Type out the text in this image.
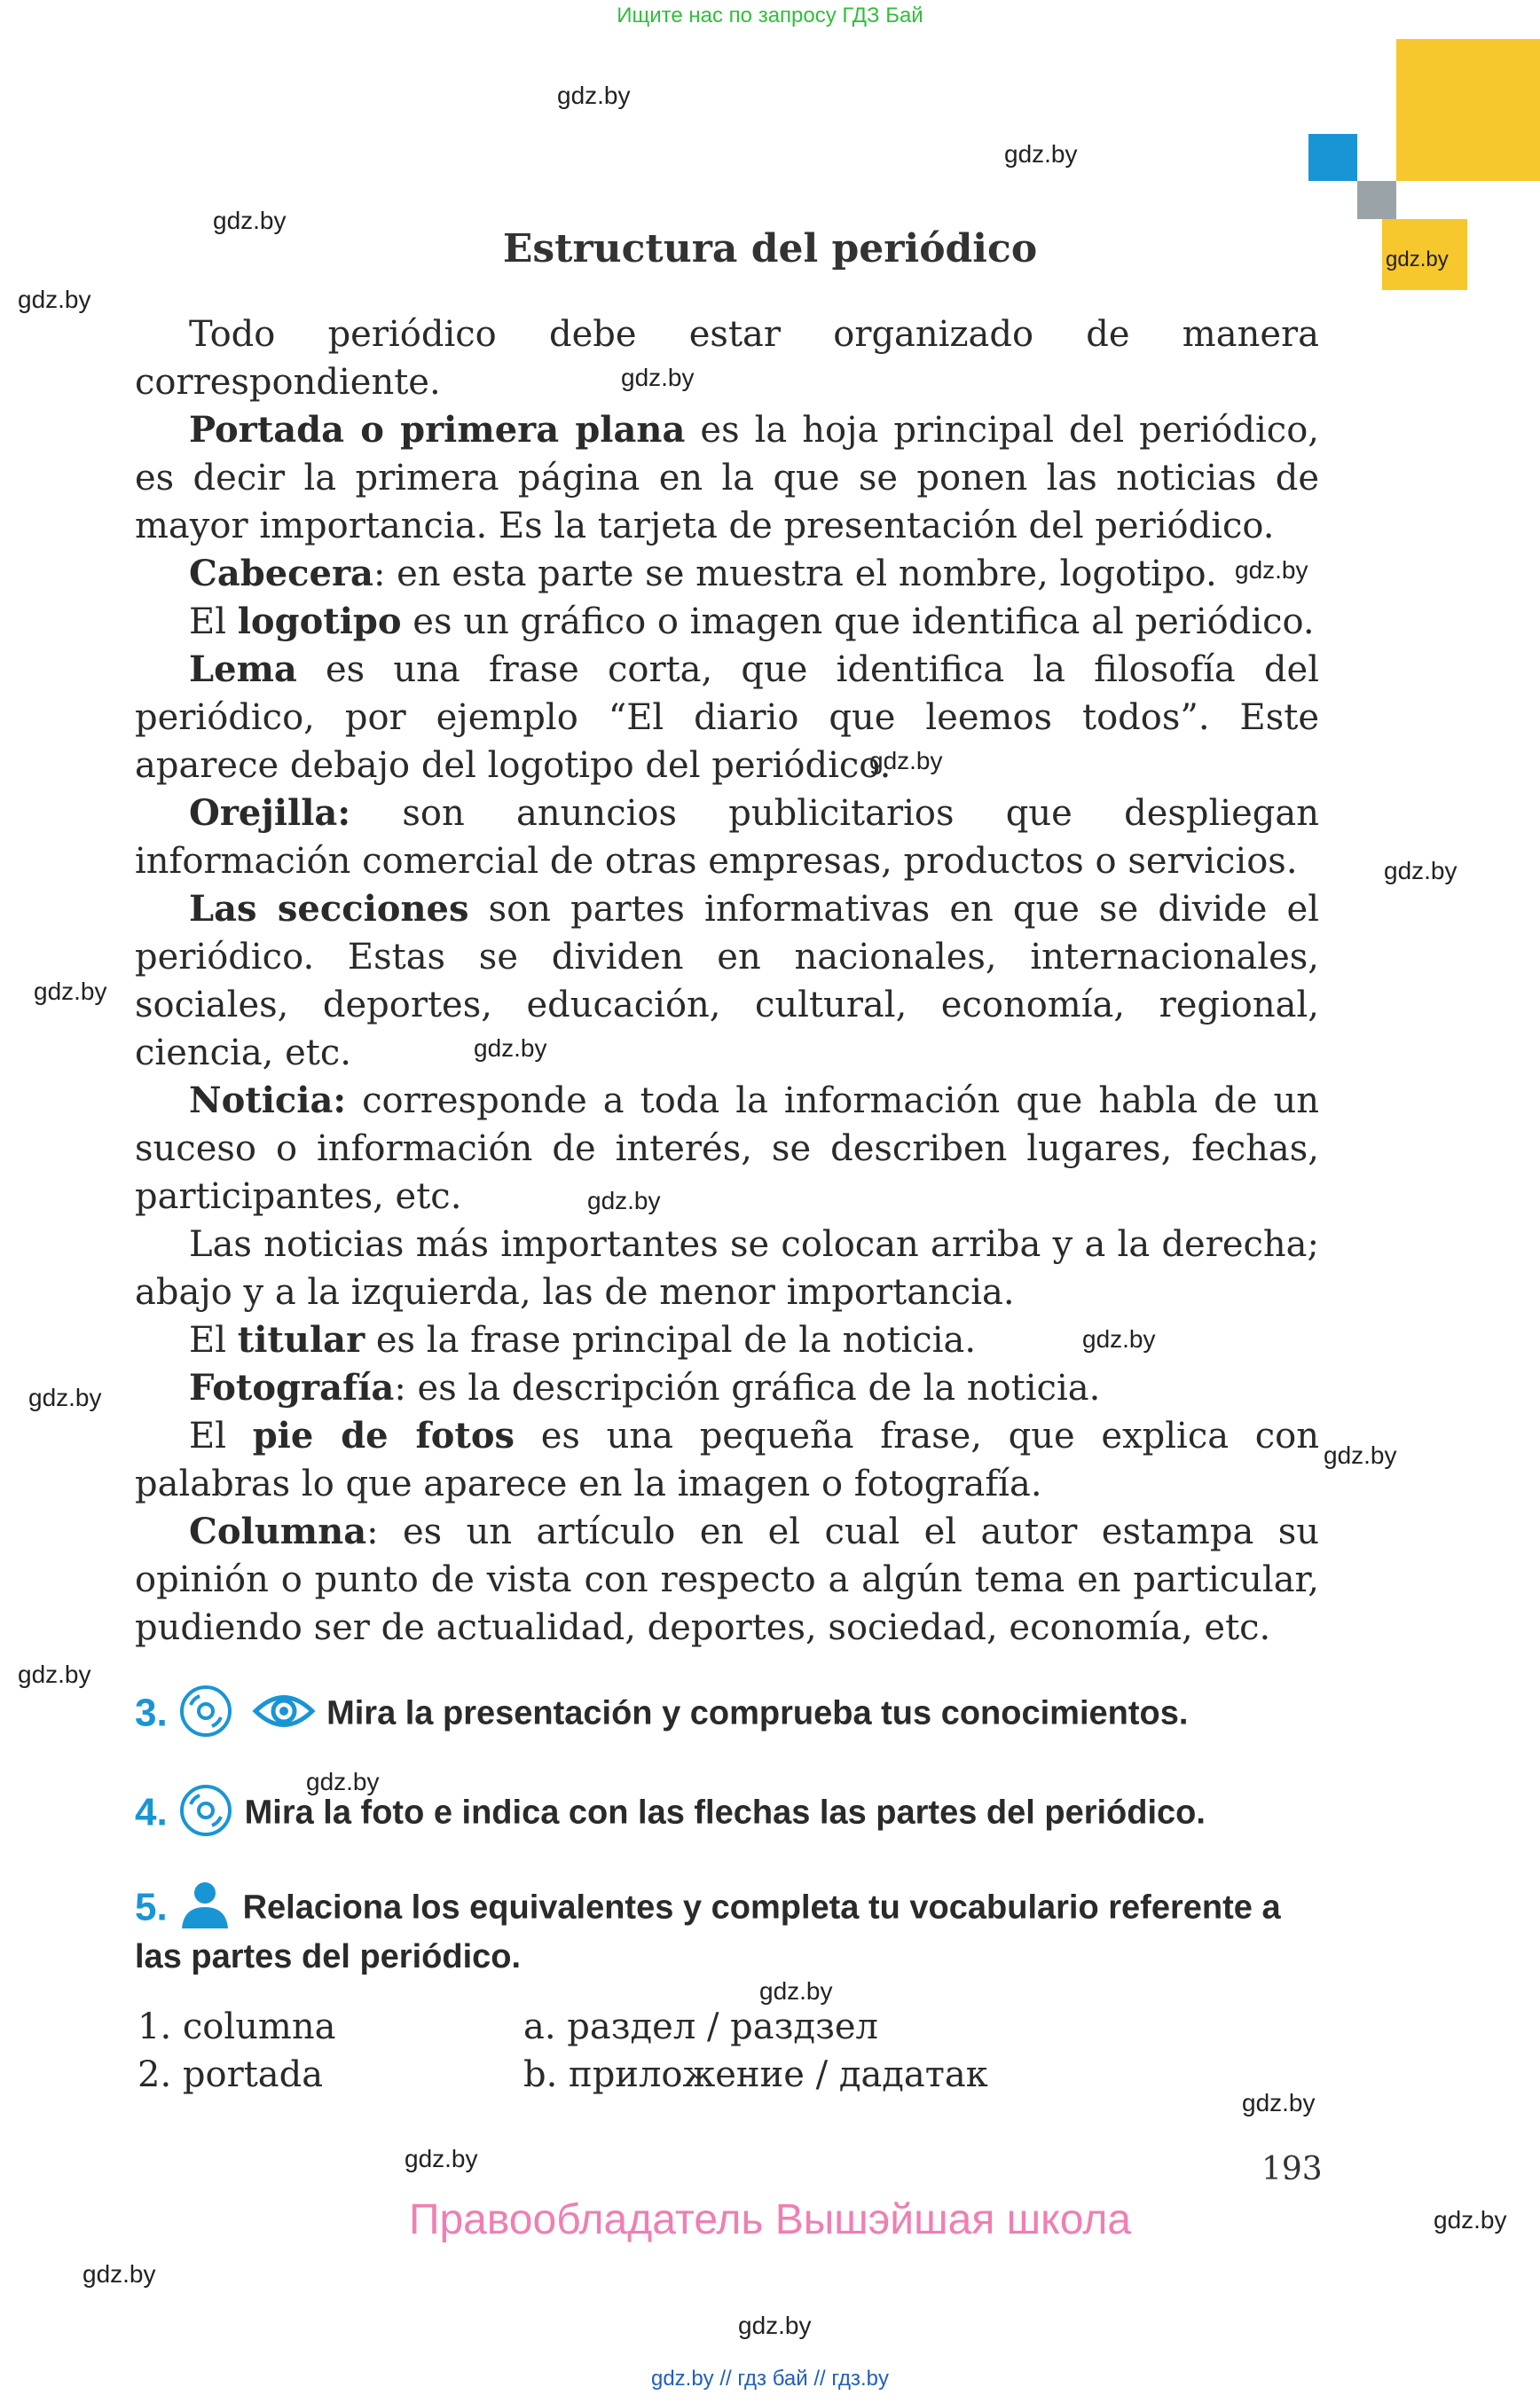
Ищите нас по запросу ГДЗ Бай
gdz.by
gdz.by
gdz.by
gdz.by
gdz.by
gdz.by
gdz.by
gdz.by
gdz.by
gdz.by
gdz.by
gdz.by
gdz.by
gdz.by
gdz.by
gdz.by
gdz.by
gdz.by
gdz.by
gdz.by
gdz.by
gdz.by
gdz.by
Estructura del periódico

Todo periódico debe estar organizado de manera correspondiente.

Portada o primera plana es la hoja principal del periódico, es decir la primera página en la que se ponen las noticias de mayor importancia. Es la tarjeta de presentación del periódico.

Cabecera: en esta parte se muestra el nombre, logotipo.

El logotipo es un gráfico o imagen que identifica al periódico.

Lema es una frase corta, que identifica la filosofía del periódico, por ejemplo “El diario que leemos todos”. Este aparece debajo del logotipo del periódico.

Orejilla: son anuncios publicitarios que despliegan información comercial de otras empresas, productos o servicios.

Las secciones son partes informativas en que se divide el periódico. Estas se dividen en nacionales, internacionales, sociales, deportes, educación, cultural, economía, regional, ciencia, etc.

Noticia: corresponde a toda la información que habla de un suceso o información de interés, se describen lugares, fechas, participantes, etc.

Las noticias más importantes se colocan arriba y a la derecha; abajo y a la izquierda, las de menor importancia.

El titular es la frase principal de la noticia.

Fotografía: es la descripción gráfica de la noticia.

El pie de fotos es una pequeña frase, que explica con palabras lo que aparece en la imagen o fotografía.

Columna: es un artículo en el cual el autor estampa su opinión o punto de vista con respecto a algún tema en particular, pudiendo ser de actualidad, deportes, sociedad, economía, etc.

3.	Mira la presentación y comprueba tus conocimientos.
4. Mira la foto e indica con las flechas las partes del periódico.
5. Relaciona los equivalentes y completa tu vocabulario referente a las partes del periódico.
1. columna	a. раздел / раздзел
2. portada	b. приложение / дадатак
193
Правообладатель Вышэйшая школа
gdz.by // гдз бай // гдз.by
